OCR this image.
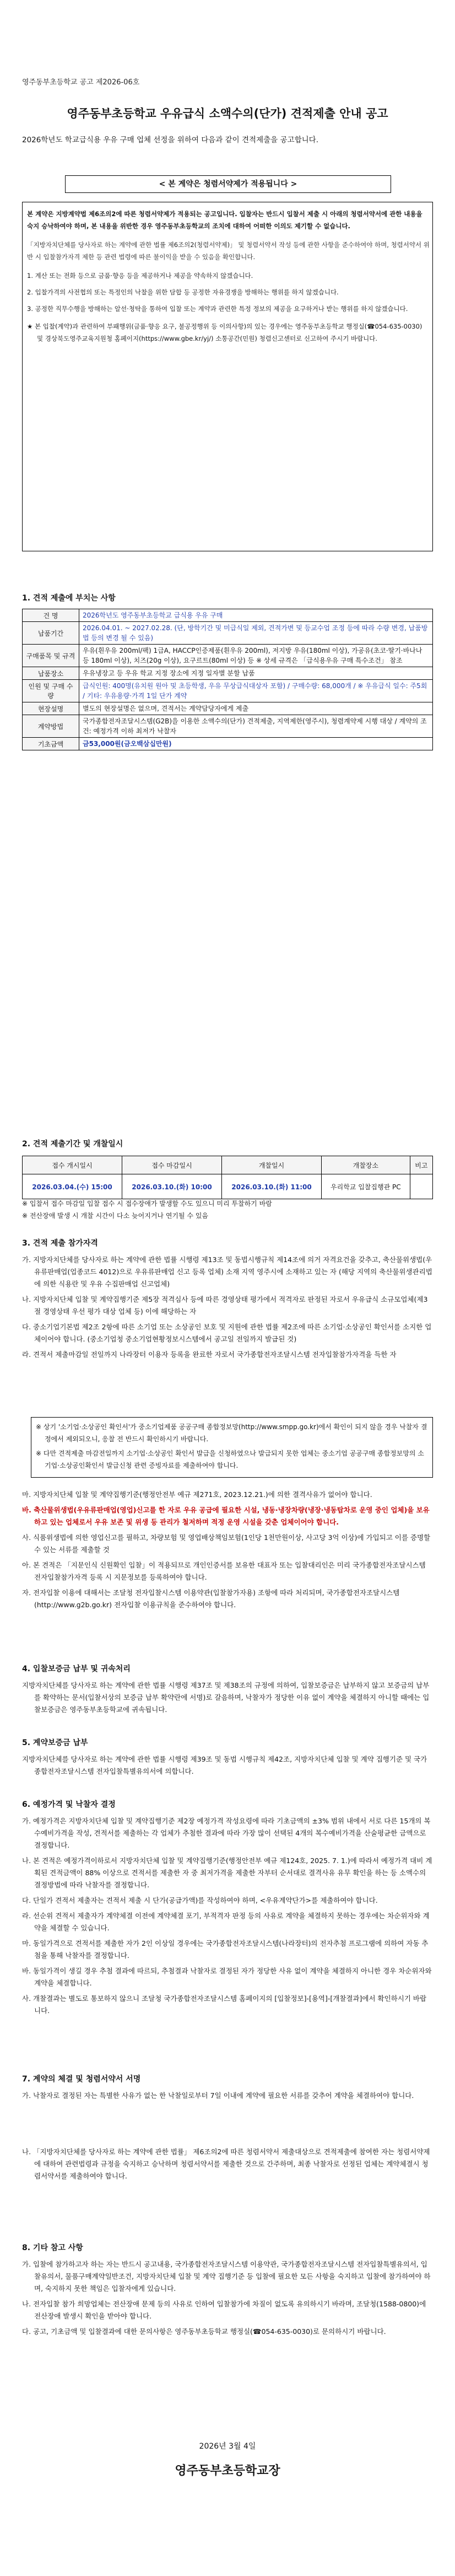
영주동부초등학교 공고 제2026-06호
영주동부초등학교 우유급식 소액수의(단가) 견적제출 안내 공고

2026학년도 학교급식용 우유 구매 업체 선정을 위하여 다음과 같이 견적제출을 공고합니다.

< 본 계약은 청렴서약제가 적용됩니다 >

본 계약은 지방계약법 제6조의2에 따른 청렴서약제가 적용되는 공고입니다. 입찰자는 반드시 입찰서 제출 시 아래의 청렴서약서에 관한 내용을 숙지 승낙하여야 하며, 본 내용을 위반한 경우 영주동부초등학교의 조치에 대하여 어떠한 이의도 제기할 수 없습니다.

「지방자치단체를 당사자로 하는 계약에 관한 법률 제6조의2(청렴서약제)」 및 청렴서약서 작성 등에 관한 사항을 준수하여야 하며, 청렴서약서 위반 시 입찰참가자격 제한 등 관련 법령에 따른 불이익을 받을 수 있음을 확인합니다.

1. 계산 또는 전화 등으로 금품·향응 등을 제공하거나 제공을 약속하지 않겠습니다.
2. 입찰가격의 사전협의 또는 특정인의 낙찰을 위한 담합 등 공정한 자유경쟁을 방해하는 행위를 하지 않겠습니다.
3. 공정한 직무수행을 방해하는 알선·청탁을 통하여 입찰 또는 계약과 관련한 특정 정보의 제공을 요구하거나 받는 행위를 하지 않겠습니다.

★ 본 입찰(계약)과 관련하여 부패행위(금품·향응 요구, 불공정행위 등 이의사항)의 있는 경우에는 영주동부초등학교 행정실(☎054-635-0030) 및 경상북도영주교육지원청 홈페이지(https://www.gbe.kr/yj/) 소통공간(민원) 청렴신고센터로 신고하여 주시기 바랍니다.

1. 견적 제출에 부치는 사항
건 명	2026학년도 영주동부초등학교 급식용 우유 구매
납품기간	2026.04.01. ~ 2027.02.28. (단, 방학기간 및 미급식일 제외, 견적가변 및 등교수업 조정 등에 따라 수량 변경, 납품방법 등의 변경 될 수 있음)
구매품목 및 규격	우유(흰우유 200ml/팩) 1급A, HACCP인증제품(흰우유 200ml), 저지방 우유(180ml 이상), 가공유(초코·딸기·바나나 등 180ml 이상), 치즈(20g 이상), 요구르트(80ml 이상) 등 ※ 상세 규격은 「급식용우유 구매 특수조건」 참조
납품장소	우유냉장고 등 우유 학교 지정 장소에 지정 일자별 분할 납품
인원 및 구매 수량	급식인원: 400명(유치원 원아 및 초등학생, 우유 무상급식대상자 포함) / 구매수량: 68,000개 / ※ 우유급식 일수: 주5회 / 기타: 우유용량·가격 1일 단가 계약
현장설명	별도의 현장설명은 없으며, 견적서는 계약담당자에게 제출
계약방법	국가종합전자조달시스템(G2B)을 이용한 소액수의(단가) 견적제출, 지역제한(영주시), 청렴계약제 시행 대상 / 계약의 조건: 예정가격 이하 최저가 낙찰자
기초금액	금53,000원(금오백삼십만원)
2. 견적 제출기간 및 개찰일시
접수 개시일시	접수 마감일시	개찰일시	개찰장소	비고
2026.03.04.(수) 15:00	2026.03.10.(화) 10:00	2026.03.10.(화) 11:00	우리학교 입찰집행관 PC	

※ 입찰서 접수 마감일 입찰 접수 시 접수장애가 발생할 수도 있으니 미리 투찰하기 바람
※ 전산장애 발생 시 개찰 시간이 다소 늦어지거나 연기될 수 있음

3. 견적 제출 참가자격

가. 지방자치단체를 당사자로 하는 계약에 관한 법률 시행령 제13조 및 동법시행규칙 제14조에 의거 자격요건을 갖추고, 축산물위생법(우유류판매업(업종코드 4012)으로 우유류판매업 신고 등록 업체) 소재 지역 영주시에 소재하고 있는 자 (해당 지역의 축산물위생관리법에 의한 식용란 및 우유 수집판매업 신고업체)

나. 지방자치단체 입찰 및 계약집행기준 제5장 적격심사 등에 따른 경영상태 평가에서 적격자로 판정된 자로서 우유급식 소규모업체(제3절 경영상태 우선 평가 대상 업체 등) 이에 해당하는 자

다. 중소기업기본법 제2조 2항에 따른 소기업 또는 소상공인 보호 및 지원에 관한 법률 제2조에 따른 소기업·소상공인 확인서를 소지한 업체이어야 합니다. (중소기업청 중소기업현황정보시스템에서 공고일 전일까지 발급된 것)

라. 견적서 제출마감일 전일까지 나라장터 이용자 등록을 완료한 자로서 국가종합전자조달시스템 전자입찰참가자격을 득한 자

※ 상기 '소기업·소상공인 확인서'가 중소기업제품 공공구매 종합정보망(http://www.smpp.go.kr)에서 확인이 되지 않을 경우 낙찰자 결정에서 제외되오니, 응찰 전 반드시 확인하시기 바랍니다.

※ 다만 견적제출 마감전일까지 소기업·소상공인 확인서 발급을 신청하였으나 발급되지 못한 업체는 중소기업 공공구매 종합정보망의 소기업·소상공인확인서 발급신청 관련 증빙자료를 제출하여야 합니다.

마. 지방자치단체 입찰 및 계약집행기준(행정안전부 예규 제271호, 2023.12.21.)에 의한 결격사유가 없어야 합니다.

바. 축산물위생법(우유류판매업(영업)신고를 한 자로 우유 공급에 필요한 시설, 냉동·냉장차량(냉장·냉동탑차로 운영 중인 업체)을 보유하고 있는 업체로서 우유 보존 및 위생 등 관리가 철저하며 적정 운영 시설을 갖춘 업체이어야 합니다.

사. 식품위생법에 의한 영업신고를 필하고, 차량보험 및 영업배상책임보험(1인당 1천만원이상, 사고당 3억 이상)에 가입되고 이를 증명할 수 있는 서류를 제출할 것

아. 본 견적은 「지문인식 신원확인 입찰」이 적용되므로 개인인증서를 보유한 대표자 또는 입찰대리인은 미리 국가종합전자조달시스템 전자입찰참가자격 등록 시 지문정보를 등록하여야 합니다.

자. 전자입찰 이용에 대해서는 조달청 전자입찰시스템 이용약관(입찰참가자용) 조항에 따라 처리되며, 국가종합전자조달시스템(http://www.g2b.go.kr) 전자입찰 이용규칙을 준수하여야 합니다.

4. 입찰보증금 납부 및 귀속처리

지방자치단체를 당사자로 하는 계약에 관한 법률 시행령 제37조 및 제38조의 규정에 의하여, 입찰보증금은 납부하지 않고 보증금의 납부를 확약하는 문서(입찰서상의 보증금 납부 확약란에 서명)로 갈음하며, 낙찰자가 정당한 이유 없이 계약을 체결하지 아니할 때에는 입찰보증금은 영주동부초등학교에 귀속됩니다.

5. 계약보증금 납부

지방자치단체를 당사자로 하는 계약에 관한 법률 시행령 제39조 및 동법 시행규칙 제42조, 지방자치단체 입찰 및 계약 집행기준 및 국가종합전자조달시스템 전자입찰특별유의서에 의합니다.

6. 예정가격 및 낙찰자 결정

가. 예정가격은 지방자치단체 입찰 및 계약집행기준 제2장 예정가격 작성요령에 따라 기초금액의 ±3% 범위 내에서 서로 다른 15개의 복수예비가격을 작성, 견적서를 제출하는 각 업체가 추첨한 결과에 따라 가장 많이 선택된 4개의 복수예비가격을 산술평균한 금액으로 결정합니다.

나. 본 견적은 예정가격이하로서 지방자치단체 입찰 및 계약집행기준(행정안전부 예규 제124호, 2025. 7. 1.)에 따라서 예정가격 대비 계획된 견적금액이 88% 이상으로 견적서를 제출한 자 중 최저가격을 제출한 자부터 순서대로 결격사유 유무 확인을 하는 등 소액수의 결정방법에 따라 낙찰자를 결정합니다.

다. 단일가 견적서 제출자는 견적서 제출 시 단가(공급가액)를 작성하여야 하며, <우유계약단가>를 제출하여야 합니다.

라. 선순위 견적서 제출자가 계약체결 이전에 계약체결 포기, 부적격자 판정 등의 사유로 계약을 체결하지 못하는 경우에는 차순위자와 계약을 체결할 수 있습니다.

마. 동일가격으로 견적서를 제출한 자가 2인 이상일 경우에는 국가종합전자조달시스템(나라장터)의 전자추첨 프로그램에 의하여 자동 추첨을 통해 낙찰자를 결정합니다.

바. 동일가격이 생길 경우 추첨 결과에 따르되, 추첨결과 낙찰자로 결정된 자가 정당한 사유 없이 계약을 체결하지 아니한 경우 차순위자와 계약을 체결합니다.

사. 개찰결과는 별도로 통보하지 않으니 조달청 국가종합전자조달시스템 홈페이지의 [입찰정보]-[용역]-[개찰결과]에서 확인하시기 바랍니다.

7. 계약의 체결 및 청렴서약서 서명

가. 낙찰자로 결정된 자는 특별한 사유가 없는 한 낙찰일로부터 7일 이내에 계약에 필요한 서류를 갖추어 계약을 체결하여야 합니다.

나. 「지방자치단체를 당사자로 하는 계약에 관한 법률」 제6조의2에 따른 청렴서약서 제출대상으로 견적제출에 참여한 자는 청렴서약제에 대하여 관련법령과 규정을 숙지하고 승낙하며 청렴서약서를 제출한 것으로 간주하며, 최종 낙찰자로 선정된 업체는 계약체결시 청렴서약서를 제출하여야 합니다.

8. 기타 참고 사항

가. 입찰에 참가하고자 하는 자는 반드시 공고내용, 국가종합전자조달시스템 이용약관, 국가종합전자조달시스템 전자입찰특별유의서, 입찰유의서, 물품구매계약일반조건, 지방자치단체 입찰 및 계약 집행기준 등 입찰에 필요한 모든 사항을 숙지하고 입찰에 참가하여야 하며, 숙지하지 못한 책임은 입찰자에게 있습니다.

나. 전자입찰 참가 희망업체는 전산장애 문제 등의 사유로 인하여 입찰참가에 차질이 없도록 유의하시기 바라며, 조달청(1588-0800)에 전산장애 발생시 확인을 받아야 합니다.

다. 공고, 기초금액 및 입찰결과에 대한 문의사항은 영주동부초등학교 행정실(☎054-635-0030)로 문의하시기 바랍니다.

2026년 3월 4일
영주동부초등학교장
